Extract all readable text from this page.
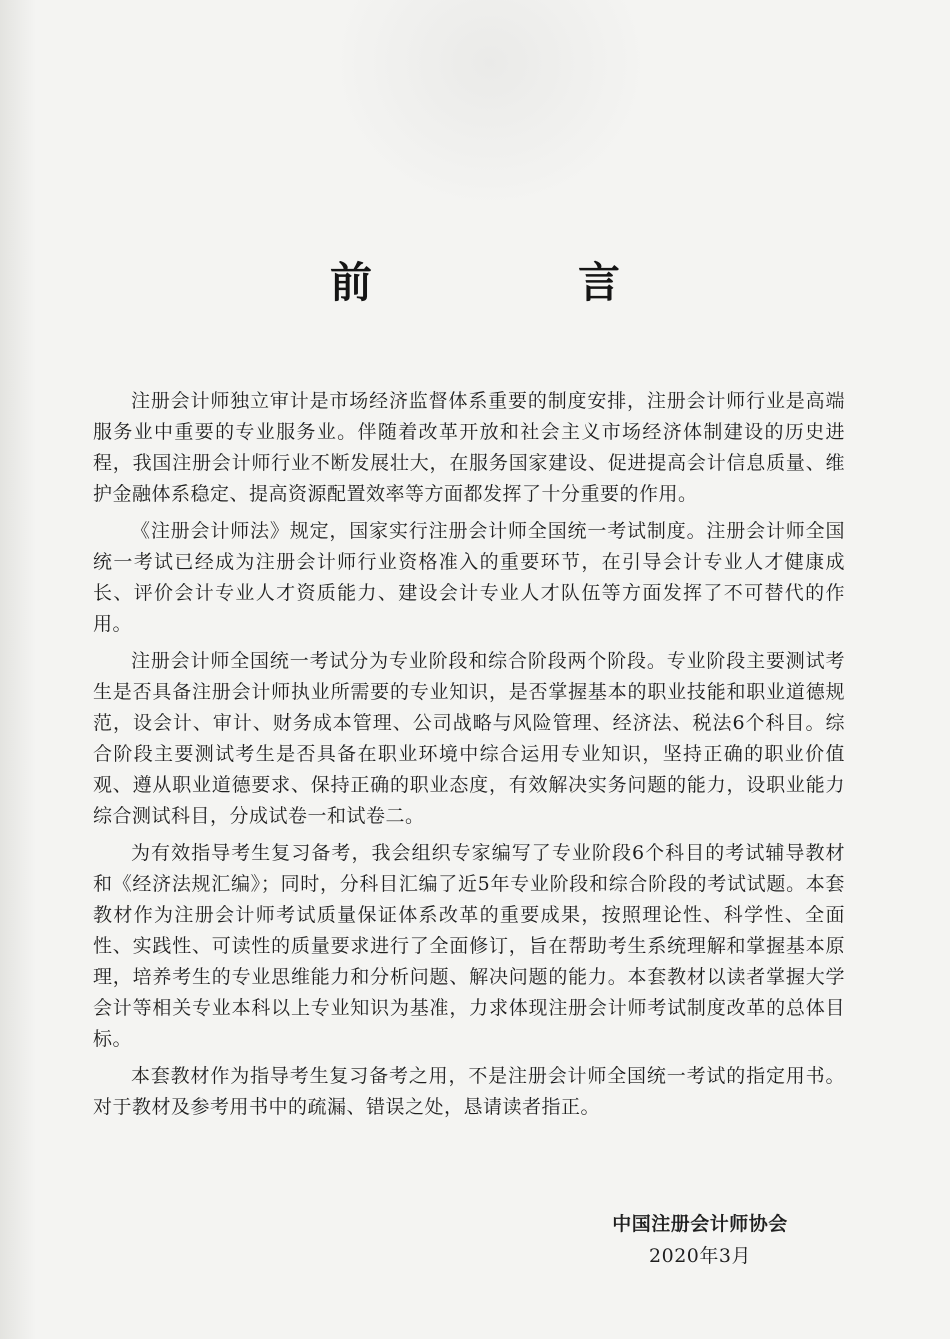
前　言

注册会计师独立审计是市场经济监督体系重要的制度安排，注册会计师行业是高端服务业中重要的专业服务业。伴随着改革开放和社会主义市场经济体制建设的历史进程，我国注册会计师行业不断发展壮大，在服务国家建设、促进提高会计信息质量、维护金融体系稳定、提高资源配置效率等方面都发挥了十分重要的作用。

《注册会计师法》规定，国家实行注册会计师全国统一考试制度。注册会计师全国统一考试已经成为注册会计师行业资格准入的重要环节，在引导会计专业人才健康成长、评价会计专业人才资质能力、建设会计专业人才队伍等方面发挥了不可替代的作用。

注册会计师全国统一考试分为专业阶段和综合阶段两个阶段。专业阶段主要测试考生是否具备注册会计师执业所需要的专业知识，是否掌握基本的职业技能和职业道德规范，设会计、审计、财务成本管理、公司战略与风险管理、经济法、税法6个科目。综合阶段主要测试考生是否具备在职业环境中综合运用专业知识，坚持正确的职业价值观、遵从职业道德要求、保持正确的职业态度，有效解决实务问题的能力，设职业能力综合测试科目，分成试卷一和试卷二。

为有效指导考生复习备考，我会组织专家编写了专业阶段6个科目的考试辅导教材和《经济法规汇编》；同时，分科目汇编了近5年专业阶段和综合阶段的考试试题。本套教材作为注册会计师考试质量保证体系改革的重要成果，按照理论性、科学性、全面性、实践性、可读性的质量要求进行了全面修订，旨在帮助考生系统理解和掌握基本原理，培养考生的专业思维能力和分析问题、解决问题的能力。本套教材以读者掌握大学会计等相关专业本科以上专业知识为基准，力求体现注册会计师考试制度改革的总体目标。

本套教材作为指导考生复习备考之用，不是注册会计师全国统一考试的指定用书。对于教材及参考用书中的疏漏、错误之处，恳请读者指正。

中国注册会计师协会
2020年3月
